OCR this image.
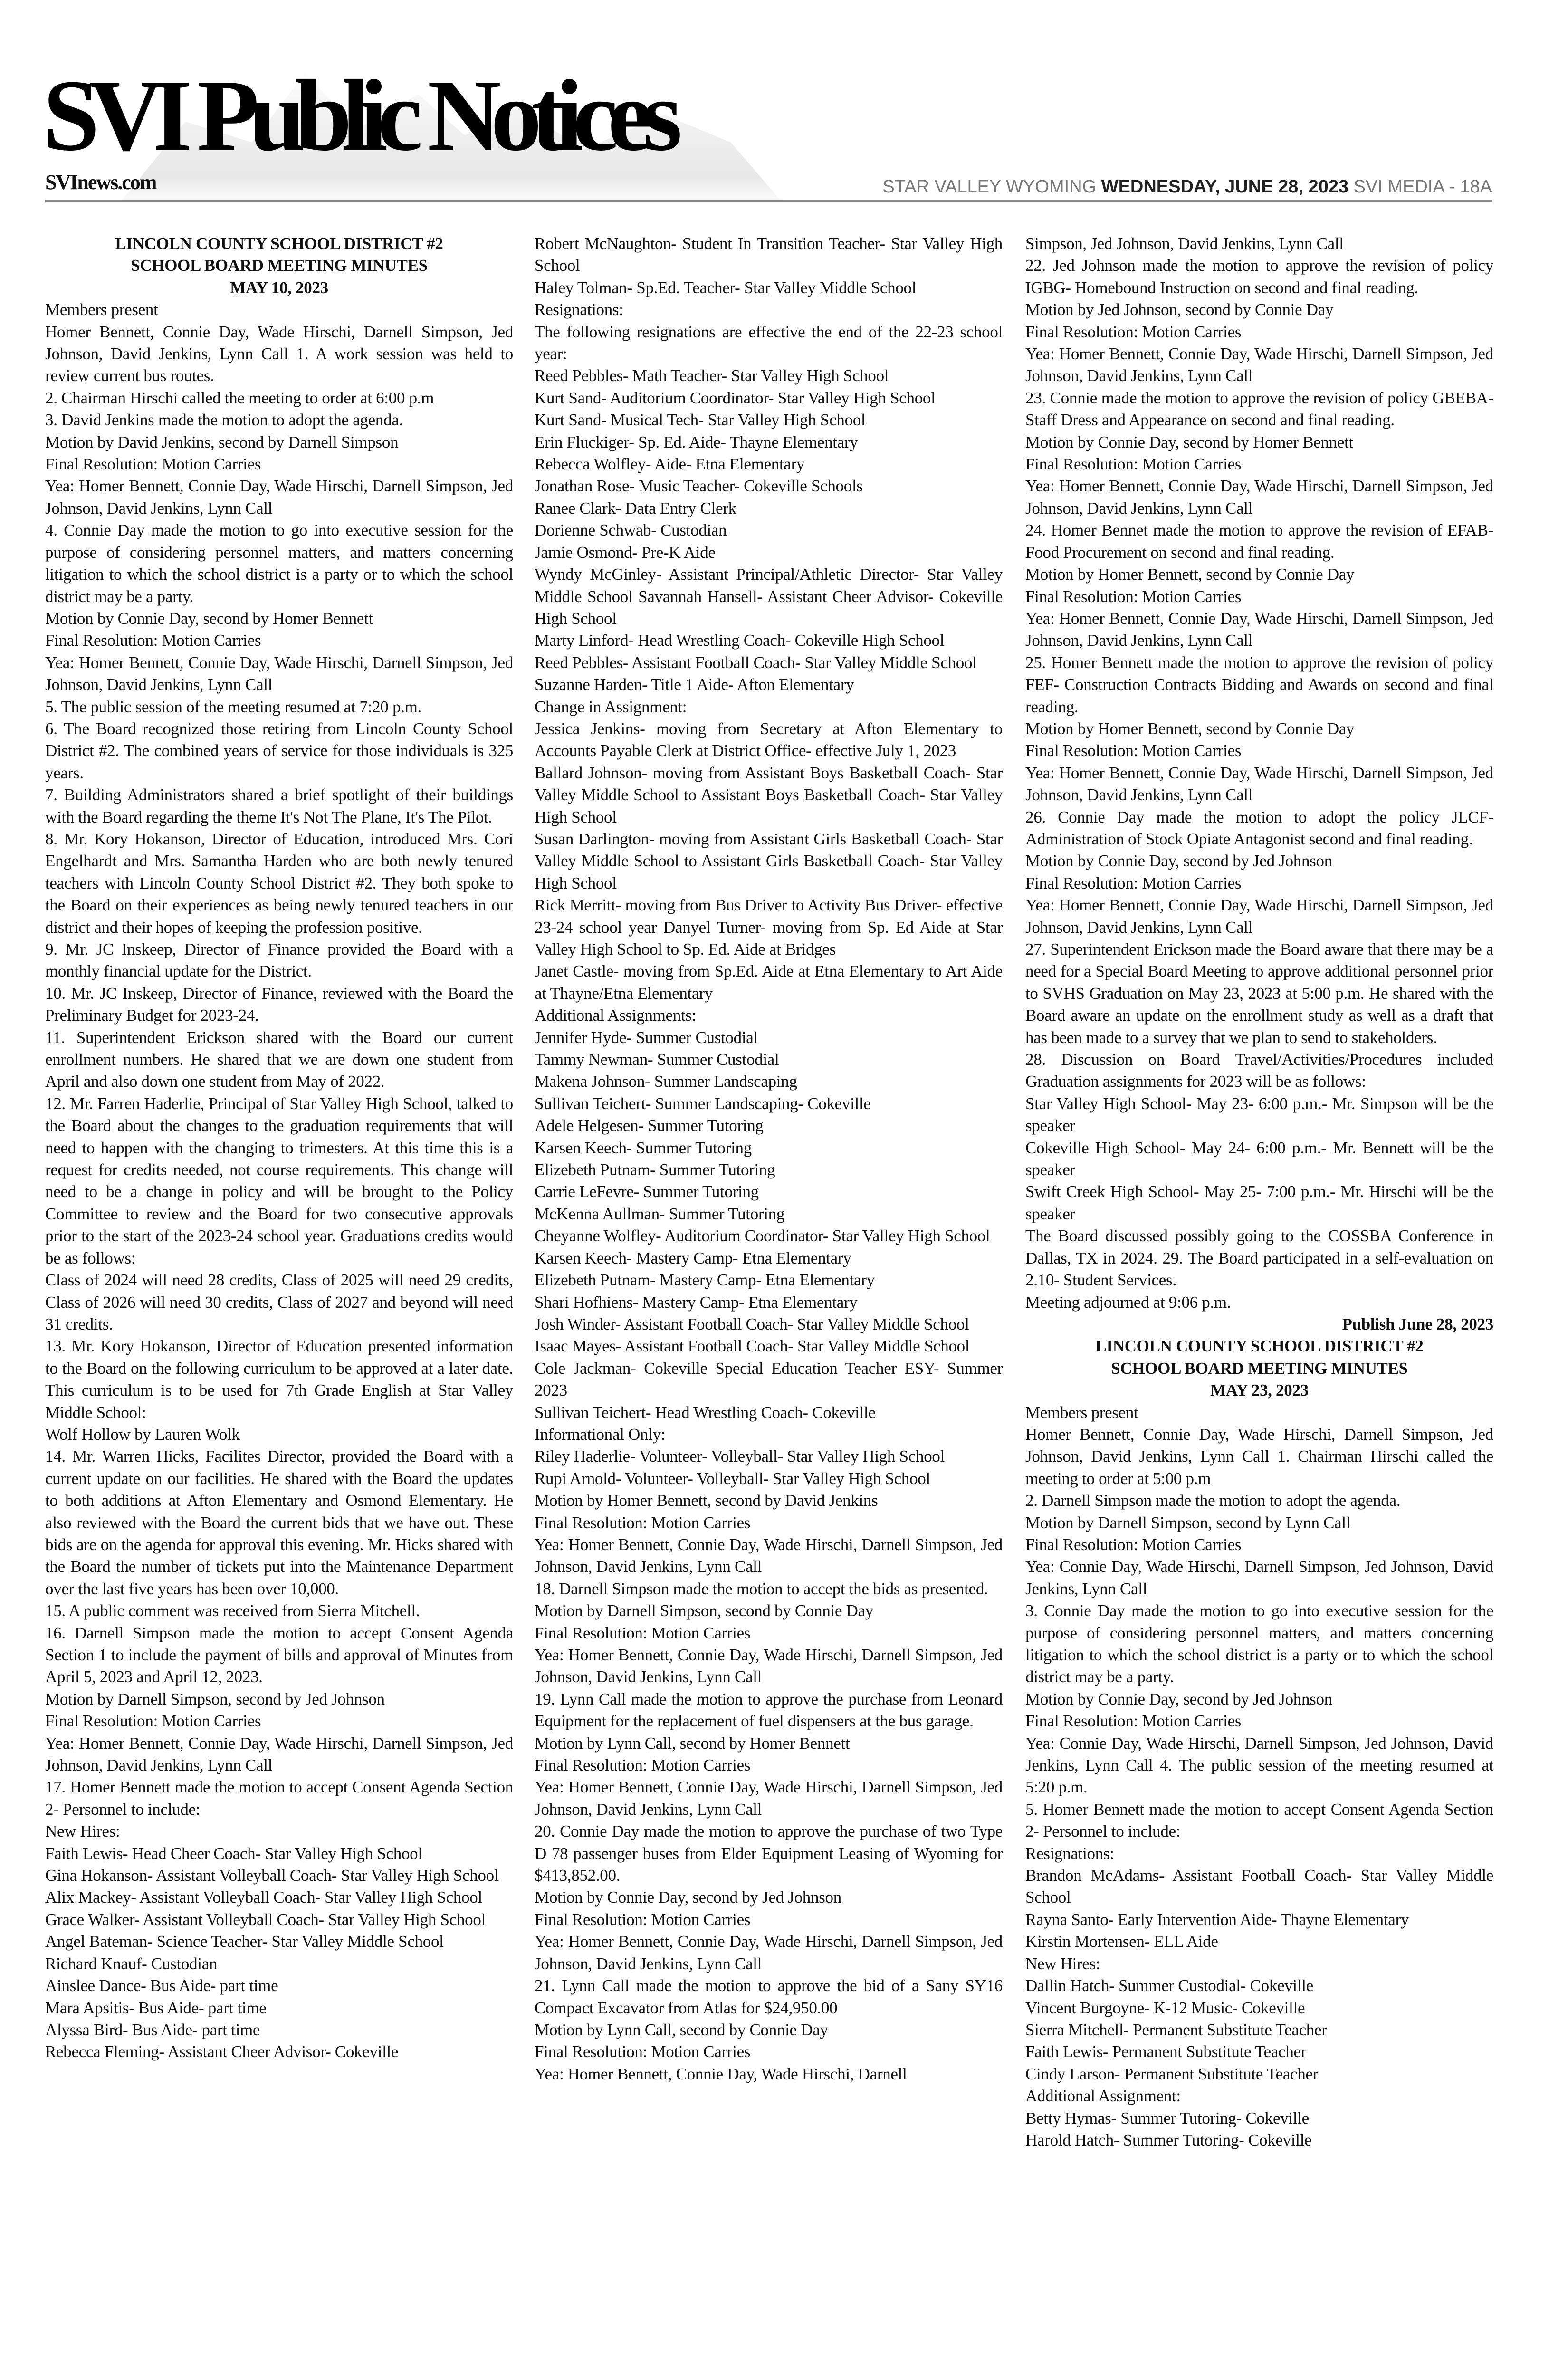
SVI Public Notices
SVInews.com	STAR VALLEY WYOMING WEDNESDAY, JUNE 28, 2023 SVI MEDIA - 18A

LINCOLN COUNTY SCHOOL DISTRICT #2

SCHOOL BOARD MEETING MINUTES

MAY 10, 2023

Members present

Homer Bennett, Connie Day, Wade Hirschi, Darnell Simpson, Jed Johnson, David Jenkins, Lynn Call 1. A work session was held to review current bus routes.

2. Chairman Hirschi called the meeting to order at 6:00 p.m

3. David Jenkins made the motion to adopt the agenda.

Motion by David Jenkins, second by Darnell Simpson

Final Resolution: Motion Carries

Yea: Homer Bennett, Connie Day, Wade Hirschi, Darnell Simpson, Jed Johnson, David Jenkins, Lynn Call

4. Connie Day made the motion to go into executive session for the purpose of considering personnel matters, and matters concerning litigation to which the school district is a party or to which the school district may be a party.

Motion by Connie Day, second by Homer Bennett

Final Resolution: Motion Carries

Yea: Homer Bennett, Connie Day, Wade Hirschi, Darnell Simpson, Jed Johnson, David Jenkins, Lynn Call

5. The public session of the meeting resumed at 7:20 p.m.

6. The Board recognized those retiring from Lincoln County School District #2. The combined years of service for those individuals is 325 years.

7. Building Administrators shared a brief spotlight of their buildings with the Board regarding the theme It's Not The Plane, It's The Pilot.

8. Mr. Kory Hokanson, Director of Education, introduced Mrs. Cori Engelhardt and Mrs. Samantha Harden who are both newly tenured teachers with Lincoln County School District #2. They both spoke to the Board on their experiences as being newly tenured teachers in our district and their hopes of keeping the profession positive.

9. Mr. JC Inskeep, Director of Finance provided the Board with a monthly financial update for the District.

10. Mr. JC Inskeep, Director of Finance, reviewed with the Board the Preliminary Budget for 2023-24.

11. Superintendent Erickson shared with the Board our current enrollment numbers. He shared that we are down one student from April and also down one student from May of 2022.

12. Mr. Farren Haderlie, Principal of Star Valley High School, talked to the Board about the changes to the graduation requirements that will need to happen with the changing to trimesters. At this time this is a request for credits needed, not course requirements. This change will need to be a change in policy and will be brought to the Policy Committee to review and the Board for two consecutive approvals prior to the start of the 2023-24 school year. Graduations credits would be as follows:

Class of 2024 will need 28 credits, Class of 2025 will need 29 credits, Class of 2026 will need 30 credits, Class of 2027 and beyond will need 31 credits.

13. Mr. Kory Hokanson, Director of Education presented information to the Board on the following curriculum to be approved at a later date. This curriculum is to be used for 7th Grade English at Star Valley Middle School:

Wolf Hollow by Lauren Wolk

14. Mr. Warren Hicks, Facilites Director, provided the Board with a current update on our facilities. He shared with the Board the updates to both additions at Afton Elementary and Osmond Elementary. He also reviewed with the Board the current bids that we have out. These bids are on the agenda for approval this evening. Mr. Hicks shared with the Board the number of tickets put into the Maintenance Department over the last five years has been over 10,000.

15. A public comment was received from Sierra Mitchell.

16. Darnell Simpson made the motion to accept Consent Agenda Section 1 to include the payment of bills and approval of Minutes from April 5, 2023 and April 12, 2023.

Motion by Darnell Simpson, second by Jed Johnson

Final Resolution: Motion Carries

Yea: Homer Bennett, Connie Day, Wade Hirschi, Darnell Simpson, Jed Johnson, David Jenkins, Lynn Call

17. Homer Bennett made the motion to accept Consent Agenda Section 2- Personnel to include:

New Hires:

Faith Lewis- Head Cheer Coach- Star Valley High School

Gina Hokanson- Assistant Volleyball Coach- Star Valley High School

Alix Mackey- Assistant Volleyball Coach- Star Valley High School

Grace Walker- Assistant Volleyball Coach- Star Valley High School

Angel Bateman- Science Teacher- Star Valley Middle School

Richard Knauf- Custodian

Ainslee Dance- Bus Aide- part time

Mara Apsitis- Bus Aide- part time

Alyssa Bird- Bus Aide- part time

Rebecca Fleming- Assistant Cheer Advisor- Cokeville

Robert McNaughton- Student In Transition Teacher- Star Valley High School

Haley Tolman- Sp.Ed. Teacher- Star Valley Middle School

Resignations:

The following resignations are effective the end of the 22-23 school year:

Reed Pebbles- Math Teacher- Star Valley High School

Kurt Sand- Auditorium Coordinator- Star Valley High School

Kurt Sand- Musical Tech- Star Valley High School

Erin Fluckiger- Sp. Ed. Aide- Thayne Elementary

Rebecca Wolfley- Aide- Etna Elementary

Jonathan Rose- Music Teacher- Cokeville Schools

Ranee Clark- Data Entry Clerk

Dorienne Schwab- Custodian

Jamie Osmond- Pre-K Aide

Wyndy McGinley- Assistant Principal/Athletic Director- Star Valley Middle School Savannah Hansell- Assistant Cheer Advisor- Cokeville High School

Marty Linford- Head Wrestling Coach- Cokeville High School

Reed Pebbles- Assistant Football Coach- Star Valley Middle School

Suzanne Harden- Title 1 Aide- Afton Elementary

Change in Assignment:

Jessica Jenkins- moving from Secretary at Afton Elementary to Accounts Payable Clerk at District Office- effective July 1, 2023

Ballard Johnson- moving from Assistant Boys Basketball Coach- Star Valley Middle School to Assistant Boys Basketball Coach- Star Valley High School

Susan Darlington- moving from Assistant Girls Basketball Coach- Star Valley Middle School to Assistant Girls Basketball Coach- Star Valley High School

Rick Merritt- moving from Bus Driver to Activity Bus Driver- effective 23-24 school year Danyel Turner- moving from Sp. Ed Aide at Star Valley High School to Sp. Ed. Aide at Bridges

Janet Castle- moving from Sp.Ed. Aide at Etna Elementary to Art Aide at Thayne/Etna Elementary

Additional Assignments:

Jennifer Hyde- Summer Custodial

Tammy Newman- Summer Custodial

Makena Johnson- Summer Landscaping

Sullivan Teichert- Summer Landscaping- Cokeville

Adele Helgesen- Summer Tutoring

Karsen Keech- Summer Tutoring

Elizebeth Putnam- Summer Tutoring

Carrie LeFevre- Summer Tutoring

McKenna Aullman- Summer Tutoring

Cheyanne Wolfley- Auditorium Coordinator- Star Valley High School

Karsen Keech- Mastery Camp- Etna Elementary

Elizebeth Putnam- Mastery Camp- Etna Elementary

Shari Hofhiens- Mastery Camp- Etna Elementary

Josh Winder- Assistant Football Coach- Star Valley Middle School

Isaac Mayes- Assistant Football Coach- Star Valley Middle School

Cole Jackman- Cokeville Special Education Teacher ESY- Summer 2023

Sullivan Teichert- Head Wrestling Coach- Cokeville

Informational Only:

Riley Haderlie- Volunteer- Volleyball- Star Valley High School

Rupi Arnold- Volunteer- Volleyball- Star Valley High School

Motion by Homer Bennett, second by David Jenkins

Final Resolution: Motion Carries

Yea: Homer Bennett, Connie Day, Wade Hirschi, Darnell Simpson, Jed Johnson, David Jenkins, Lynn Call

18. Darnell Simpson made the motion to accept the bids as presented.

Motion by Darnell Simpson, second by Connie Day

Final Resolution: Motion Carries

Yea: Homer Bennett, Connie Day, Wade Hirschi, Darnell Simpson, Jed Johnson, David Jenkins, Lynn Call

19. Lynn Call made the motion to approve the purchase from Leonard Equipment for the replacement of fuel dispensers at the bus garage.

Motion by Lynn Call, second by Homer Bennett

Final Resolution: Motion Carries

Yea: Homer Bennett, Connie Day, Wade Hirschi, Darnell Simpson, Jed Johnson, David Jenkins, Lynn Call

20. Connie Day made the motion to approve the purchase of two Type D 78 passenger buses from Elder Equipment Leasing of Wyoming for $413,852.00.

Motion by Connie Day, second by Jed Johnson

Final Resolution: Motion Carries

Yea: Homer Bennett, Connie Day, Wade Hirschi, Darnell Simpson, Jed Johnson, David Jenkins, Lynn Call

21. Lynn Call made the motion to approve the bid of a Sany SY16 Compact Excavator from Atlas for $24,950.00

Motion by Lynn Call, second by Connie Day

Final Resolution: Motion Carries

Yea: Homer Bennett, Connie Day, Wade Hirschi, Darnell

Simpson, Jed Johnson, David Jenkins, Lynn Call

22. Jed Johnson made the motion to approve the revision of policy IGBG- Homebound Instruction on second and final reading.

Motion by Jed Johnson, second by Connie Day

Final Resolution: Motion Carries

Yea: Homer Bennett, Connie Day, Wade Hirschi, Darnell Simpson, Jed Johnson, David Jenkins, Lynn Call

23. Connie made the motion to approve the revision of policy GBEBA- Staff Dress and Appearance on second and final reading.

Motion by Connie Day, second by Homer Bennett

Final Resolution: Motion Carries

Yea: Homer Bennett, Connie Day, Wade Hirschi, Darnell Simpson, Jed Johnson, David Jenkins, Lynn Call

24. Homer Bennet made the motion to approve the revision of EFAB- Food Procurement on second and final reading.

Motion by Homer Bennett, second by Connie Day

Final Resolution: Motion Carries

Yea: Homer Bennett, Connie Day, Wade Hirschi, Darnell Simpson, Jed Johnson, David Jenkins, Lynn Call

25. Homer Bennett made the motion to approve the revision of policy FEF- Construction Contracts Bidding and Awards on second and final reading.

Motion by Homer Bennett, second by Connie Day

Final Resolution: Motion Carries

Yea: Homer Bennett, Connie Day, Wade Hirschi, Darnell Simpson, Jed Johnson, David Jenkins, Lynn Call

26. Connie Day made the motion to adopt the policy JLCF- Administration of Stock Opiate Antagonist second and final reading.

Motion by Connie Day, second by Jed Johnson

Final Resolution: Motion Carries

Yea: Homer Bennett, Connie Day, Wade Hirschi, Darnell Simpson, Jed Johnson, David Jenkins, Lynn Call

27. Superintendent Erickson made the Board aware that there may be a need for a Special Board Meeting to approve additional personnel prior to SVHS Graduation on May 23, 2023 at 5:00 p.m. He shared with the Board aware an update on the enrollment study as well as a draft that has been made to a survey that we plan to send to stakeholders.

28. Discussion on Board Travel/Activities/Procedures included Graduation assignments for 2023 will be as follows:

Star Valley High School- May 23- 6:00 p.m.- Mr. Simpson will be the speaker

Cokeville High School- May 24- 6:00 p.m.- Mr. Bennett will be the speaker

Swift Creek High School- May 25- 7:00 p.m.- Mr. Hirschi will be the speaker

The Board discussed possibly going to the COSSBA Conference in Dallas, TX in 2024. 29. The Board participated in a self-evaluation on 2.10- Student Services.

Meeting adjourned at 9:06 p.m.

Publish June 28, 2023

LINCOLN COUNTY SCHOOL DISTRICT #2

SCHOOL BOARD MEETING MINUTES

MAY 23, 2023

Members present

Homer Bennett, Connie Day, Wade Hirschi, Darnell Simpson, Jed Johnson, David Jenkins, Lynn Call 1. Chairman Hirschi called the meeting to order at 5:00 p.m

2. Darnell Simpson made the motion to adopt the agenda.

Motion by Darnell Simpson, second by Lynn Call

Final Resolution: Motion Carries

Yea: Connie Day, Wade Hirschi, Darnell Simpson, Jed Johnson, David Jenkins, Lynn Call

3. Connie Day made the motion to go into executive session for the purpose of considering personnel matters, and matters concerning litigation to which the school district is a party or to which the school district may be a party.

Motion by Connie Day, second by Jed Johnson

Final Resolution: Motion Carries

Yea: Connie Day, Wade Hirschi, Darnell Simpson, Jed Johnson, David Jenkins, Lynn Call 4. The public session of the meeting resumed at 5:20 p.m.

5. Homer Bennett made the motion to accept Consent Agenda Section 2- Personnel to include:

Resignations:

Brandon McAdams- Assistant Football Coach- Star Valley Middle School

Rayna Santo- Early Intervention Aide- Thayne Elementary

Kirstin Mortensen- ELL Aide

New Hires:

Dallin Hatch- Summer Custodial- Cokeville

Vincent Burgoyne- K-12 Music- Cokeville

Sierra Mitchell- Permanent Substitute Teacher

Faith Lewis- Permanent Substitute Teacher

Cindy Larson- Permanent Substitute Teacher

Additional Assignment:

Betty Hymas- Summer Tutoring- Cokeville

Harold Hatch- Summer Tutoring- Cokeville
